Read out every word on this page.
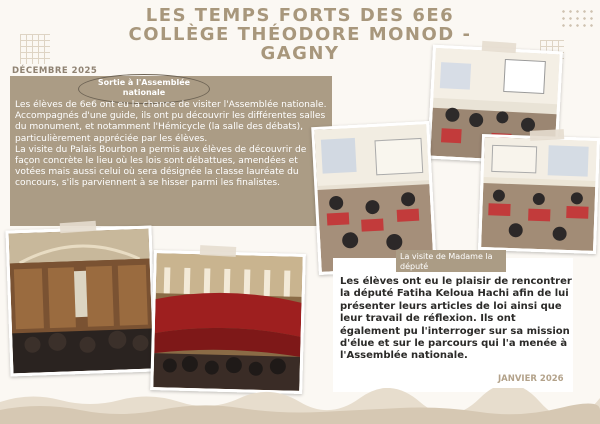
LES TEMPS FORTS DES 6E6
COLLÈGE THÉODORE MONOD -
GAGNY
DÉCEMBRE 2025
Sortie à l'Assemblée nationale

Les élèves de 6e6 ont eu la chance de visiter l'Assemblée nationale. Accompagnés d'une guide, ils ont pu découvrir les différentes salles du monument, et notamment l'Hémicycle (la salle des débats), particulièrement appréciée par les élèves.

La visite du Palais Bourbon a permis aux élèves de découvrir de façon concrète le lieu où les lois sont débattues, amendées et votées mais aussi celui où sera désignée la classe lauréate du concours, s'ils parviennent à se hisser parmi les finalistes.

La visite de Madame la député
Les élèves ont eu le plaisir de rencontrer la député Fatiha Keloua Hachi afin de lui présenter leurs articles de loi ainsi que leur travail de réflexion. Ils ont également pu l'interroger sur sa mission d'élue et sur le parcours qui l'a menée à l'Assemblée nationale.
JANVIER 2026
